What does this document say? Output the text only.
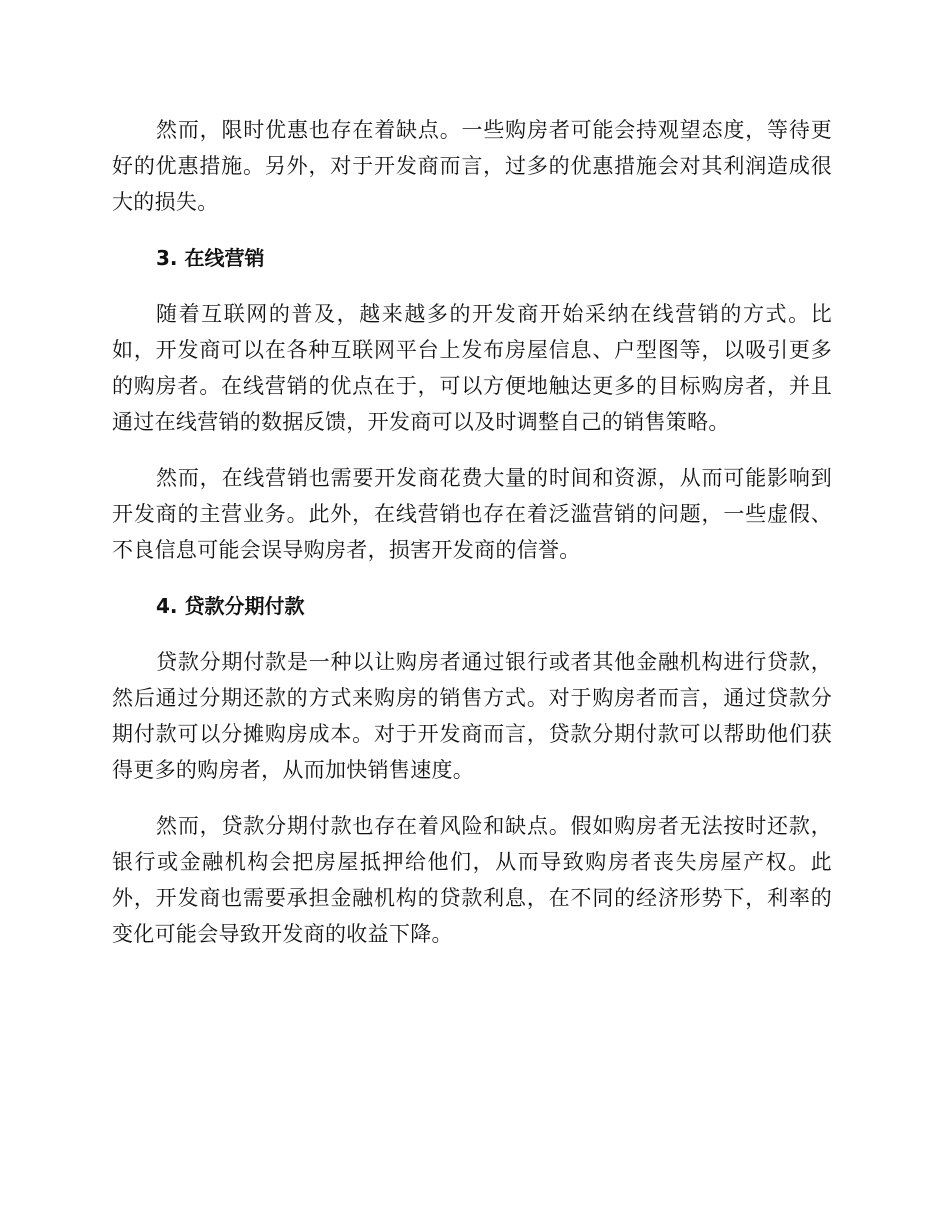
然而，限时优惠也存在着缺点。一些购房者可能会持观望态度，等待更好的优惠措施。另外，对于开发商而言，过多的优惠措施会对其利润造成很大的损失。

3. 在线营销

随着互联网的普及，越来越多的开发商开始采纳在线营销的方式。比如，开发商可以在各种互联网平台上发布房屋信息、户型图等，以吸引更多的购房者。在线营销的优点在于，可以方便地触达更多的目标购房者，并且通过在线营销的数据反馈，开发商可以及时调整自己的销售策略。

然而，在线营销也需要开发商花费大量的时间和资源，从而可能影响到开发商的主营业务。此外，在线营销也存在着泛滥营销的问题，一些虚假、不良信息可能会误导购房者，损害开发商的信誉。

4. 贷款分期付款

贷款分期付款是一种以让购房者通过银行或者其他金融机构进行贷款，然后通过分期还款的方式来购房的销售方式。对于购房者而言，通过贷款分期付款可以分摊购房成本。对于开发商而言，贷款分期付款可以帮助他们获得更多的购房者，从而加快销售速度。

然而，贷款分期付款也存在着风险和缺点。假如购房者无法按时还款，银行或金融机构会把房屋抵押给他们，从而导致购房者丧失房屋产权。此外，开发商也需要承担金融机构的贷款利息，在不同的经济形势下，利率的变化可能会导致开发商的收益下降。
